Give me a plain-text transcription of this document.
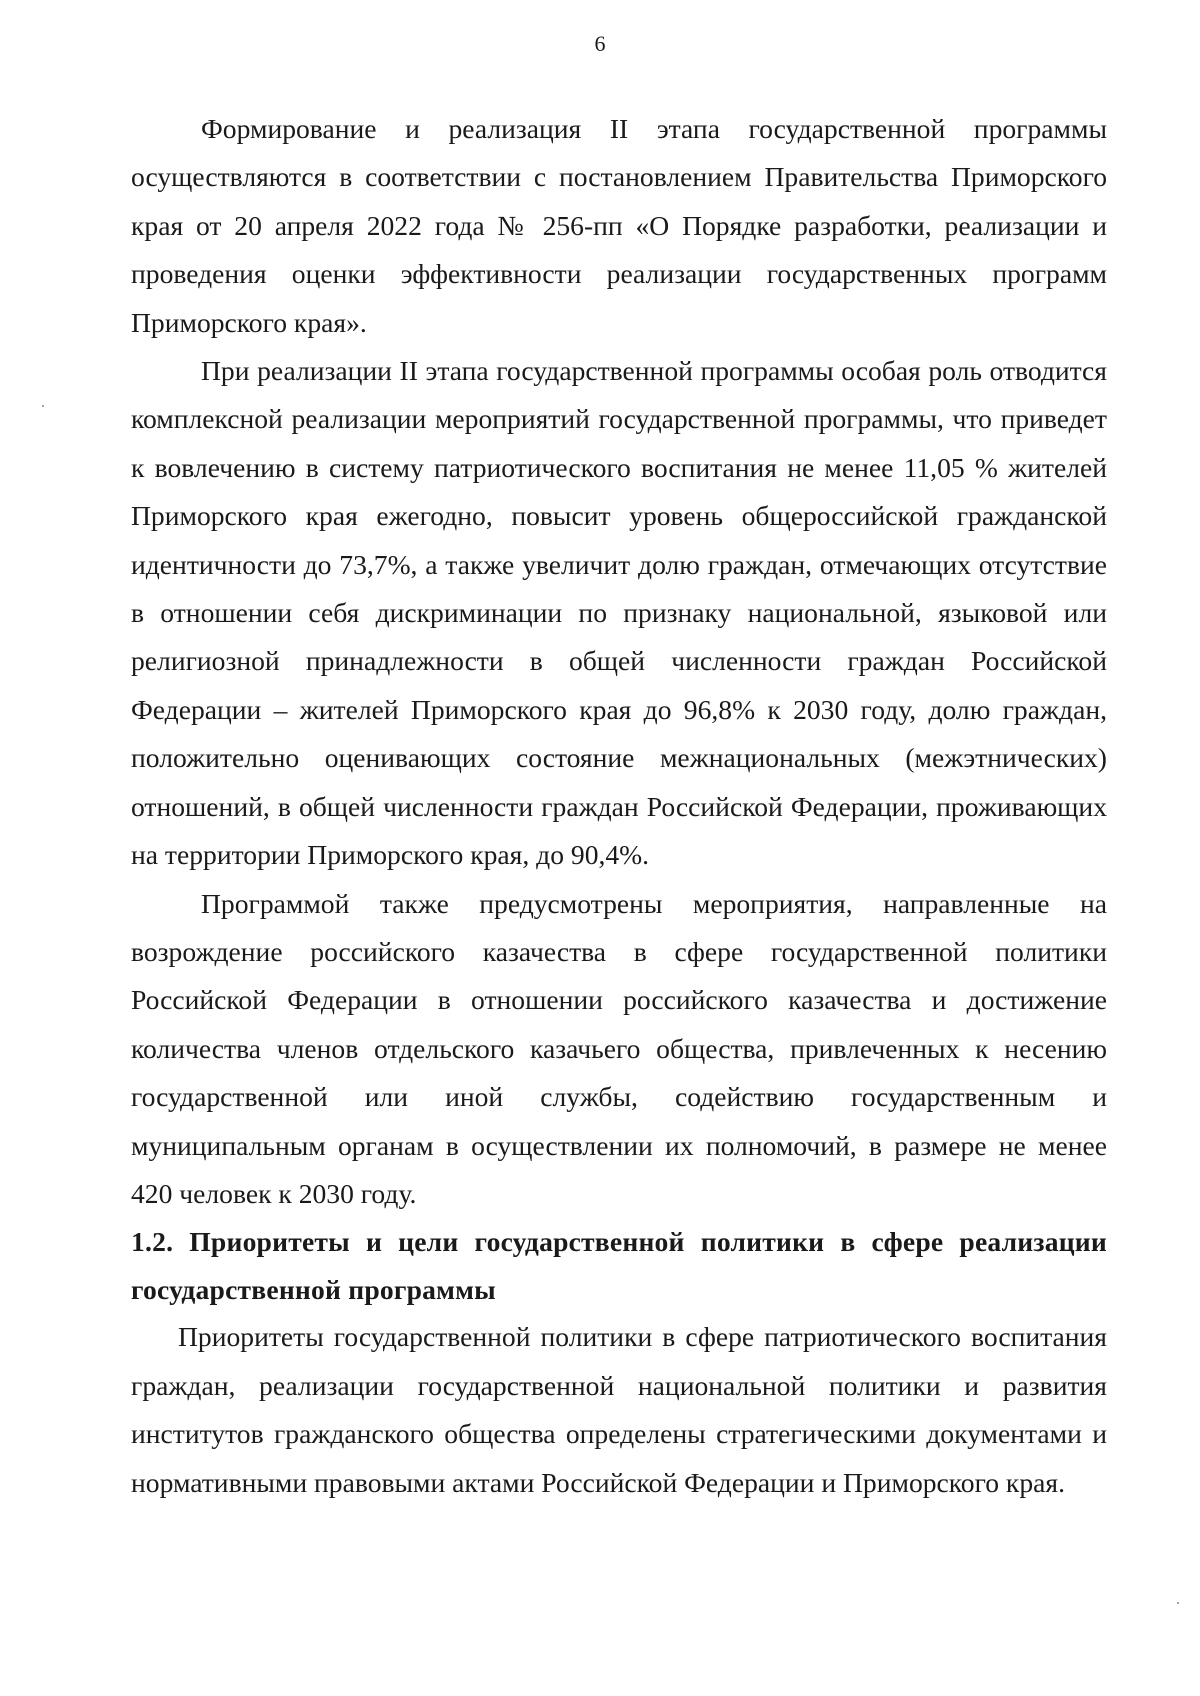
6

Формирование и реализация II этапа государственной программы осуществляются в соответствии с постановлением Правительства Приморского края от 20 апреля 2022 года № 256-пп «О Порядке разработки, реализации и проведения оценки эффективности реализации государственных программ Приморского края».

При реализации II этапа государственной программы особая роль отводится комплексной реализации мероприятий государственной программы, что приведет к вовлечению в систему патриотического воспитания не менее 11,05 % жителей Приморского края ежегодно, повысит уровень общероссийской гражданской идентичности до 73,7%, а также увеличит долю граждан, отмечающих отсутствие в отношении себя дискриминации по признаку национальной, языковой или религиозной принадлежности в общей численности граждан Российской Федерации – жителей Приморского края до 96,8% к 2030 году, долю граждан, положительно оценивающих состояние межнациональных (межэтнических) отношений, в общей численности граждан Российской Федерации, проживающих на территории Приморского края, до 90,4%.

Программой также предусмотрены мероприятия, направленные на возрождение российского казачества в сфере государственной политики Российской Федерации в отношении российского казачества и достижение количества членов отдельского казачьего общества, привлеченных к несению государственной или иной службы, содействию государственным и муниципальным органам в осуществлении их полномочий, в размере не менее 420 человек к 2030 году.

1.2. Приоритеты и цели государственной политики в сфере реализации государственной программы

Приоритеты государственной политики в сфере патриотического воспитания граждан, реализации государственной национальной политики и развития институтов гражданского общества определены стратегическими документами и нормативными правовыми актами Российской Федерации и Приморского края.
